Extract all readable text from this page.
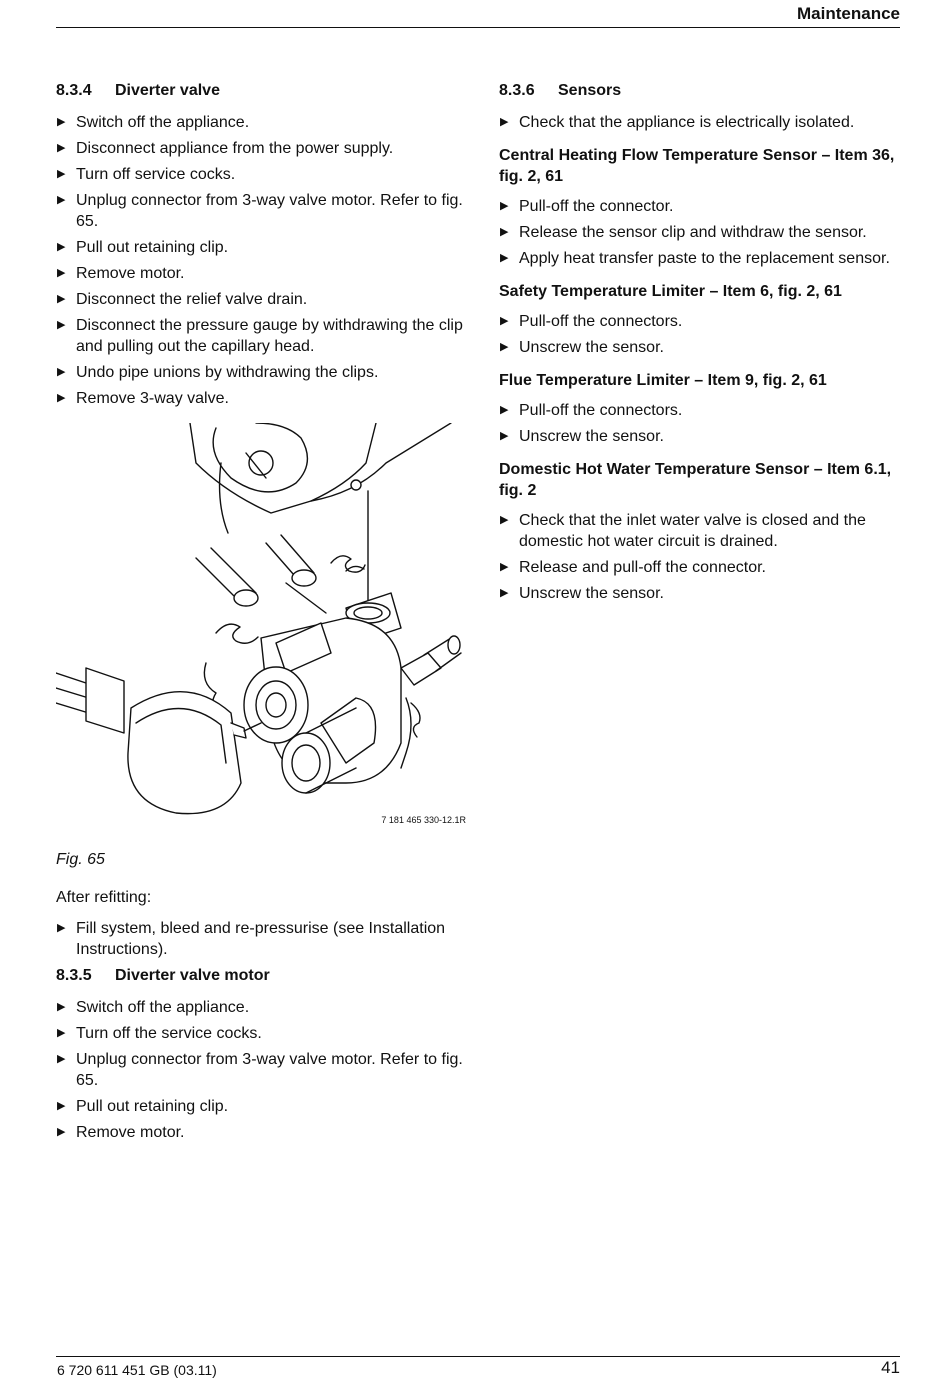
Maintenance
8.3.4 Diverter valve
▶ Switch off the appliance.
▶ Disconnect appliance from the power supply.
▶ Turn off service cocks.
▶ Unplug connector from 3-way valve motor. Refer to fig. 65.
▶ Pull out retaining clip.
▶ Remove motor.
▶ Disconnect the relief valve drain.
▶ Disconnect the pressure gauge by withdrawing the clip and pulling out the capillary head.
▶ Undo pipe unions by withdrawing the clips.
▶ Remove 3-way valve.
7 181 465 330-12.1R
Fig. 65
After refitting:
▶ Fill system, bleed and re-pressurise (see Installation Instructions).
8.3.5 Diverter valve motor
▶ Switch off the appliance.
▶ Turn off the service cocks.
▶ Unplug connector from 3-way valve motor. Refer to fig. 65.
▶ Pull out retaining clip.
▶ Remove motor.
8.3.6 Sensors
▶ Check that the appliance is electrically isolated.
Central Heating Flow Temperature Sensor – Item 36, fig. 2, 61
▶ Pull-off the connector.
▶ Release the sensor clip and withdraw the sensor.
▶ Apply heat transfer paste to the replacement sensor.
Safety Temperature Limiter – Item 6, fig. 2, 61
▶ Pull-off the connectors.
▶ Unscrew the sensor.
Flue Temperature Limiter – Item 9, fig. 2, 61
▶ Pull-off the connectors.
▶ Unscrew the sensor.
Domestic Hot Water Temperature Sensor – Item 6.1, fig. 2
▶ Check that the inlet water valve is closed and the domestic hot water circuit is drained.
▶ Release and pull-off the connector.
▶ Unscrew the sensor.
6 720 611 451 GB (03.11)	41
